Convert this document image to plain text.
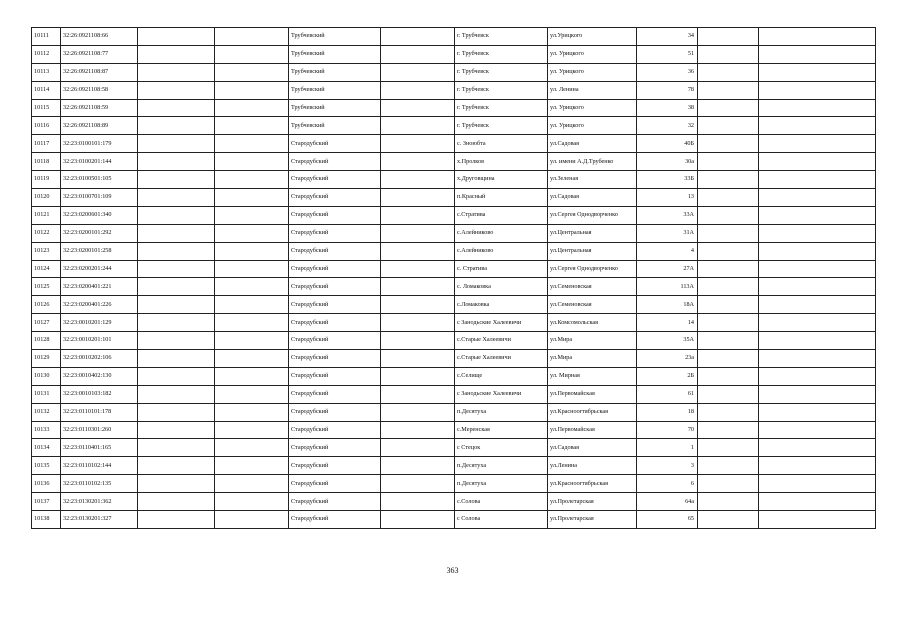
10111	32:26:0921108:66			Трубчевский		г. Трубчевск	ул.Урицкого	34		
10112	32:26:0921108:77			Трубчевский		г. Трубчевск	ул. Урицкого	51		
10113	32:26:0921108:87			Трубчевский		г. Трубчевск	ул. Урицкого	36		
10114	32:26:0921108:58			Трубчевский		г. Трубчевск	ул. Ленина	78		
10115	32:26:0921108:59			Трубчевский		г. Трубчевск	ул. Урицкого	38		
10116	32:26:0921108:89			Трубчевский		г. Трубчевск	ул. Урицкого	32		
10117	32:23:0100101:179			Стародубский		с. Зноюбта	ул.Садовая	40Б		
10118	32:23:0100201:144			Стародубский		х.Пролков	ул. имени А.Д.Трубенко	30а		
10119	32:23:0100501:105			Стародубский		х.Друговщина	ул.Зеленая	33Б		
10120	32:23:0100701:109			Стародубский		п.Красный	ул.Садовая	13		
10121	32:23:0200601:340			Стародубский		с.Стратива	ул.Сергея Однодворченко	33А		
10122	32:23:0200101:292			Стародубский		с.Алейниково	ул.Центральная	31А		
10123	32:23:0200101:258			Стародубский		с.Алейниково	ул.Центральная	4		
10124	32:23:0200201:244			Стародубский		с. Стратива	ул.Сергея Однодворченко	27А		
10125	32:23:0200401:221			Стародубский		с. Ломаковка	ул.Семеновская	113А		
10126	32:23:0200401:226			Стародубский		с.Ломаковка	ул.Семеновская	18А		
10127	32:23:0010201:129			Стародубский		с Занодьские Халеевичи	ул.Комсомольская	14		
10128	32:23:0010201:101			Стародубский		с.Старые Халеевичи	ул.Мира	35А		
10129	32:23:0010202:106			Стародубский		с.Старые Халеевичи	ул.Мира	23а		
10130	32:23:0010402:130			Стародубский		с.Селище	ул. Мирная	2Б		
10131	32:23:0010103:182			Стародубский		с Занодьские Халеевичи	ул.Первомайская	61		
10132	32:23:0110101:178			Стародубский		п.Десятуха	ул.Красноогтябрьская	18		
10133	32:23:0110301:260			Стародубский		с.Меренская	ул.Первомайская	70		
10134	32:23:0110401:165			Стародубский		с Стецок	ул.Садовая	1		
10135	32:23:0110102:144			Стародубский		п.Десятуха	ул.Ленина	3		
10136	32:23:0110102:135			Стародубский		п.Десятуха	ул.Красноогтябрьская	6		
10137	32:23:0130201:362			Стародубский		с.Солова	ул.Пролетарская	64а		
10138	32:23:0130201:327			Стародубский		с Солова	ул.Пролетарская	65		
363
